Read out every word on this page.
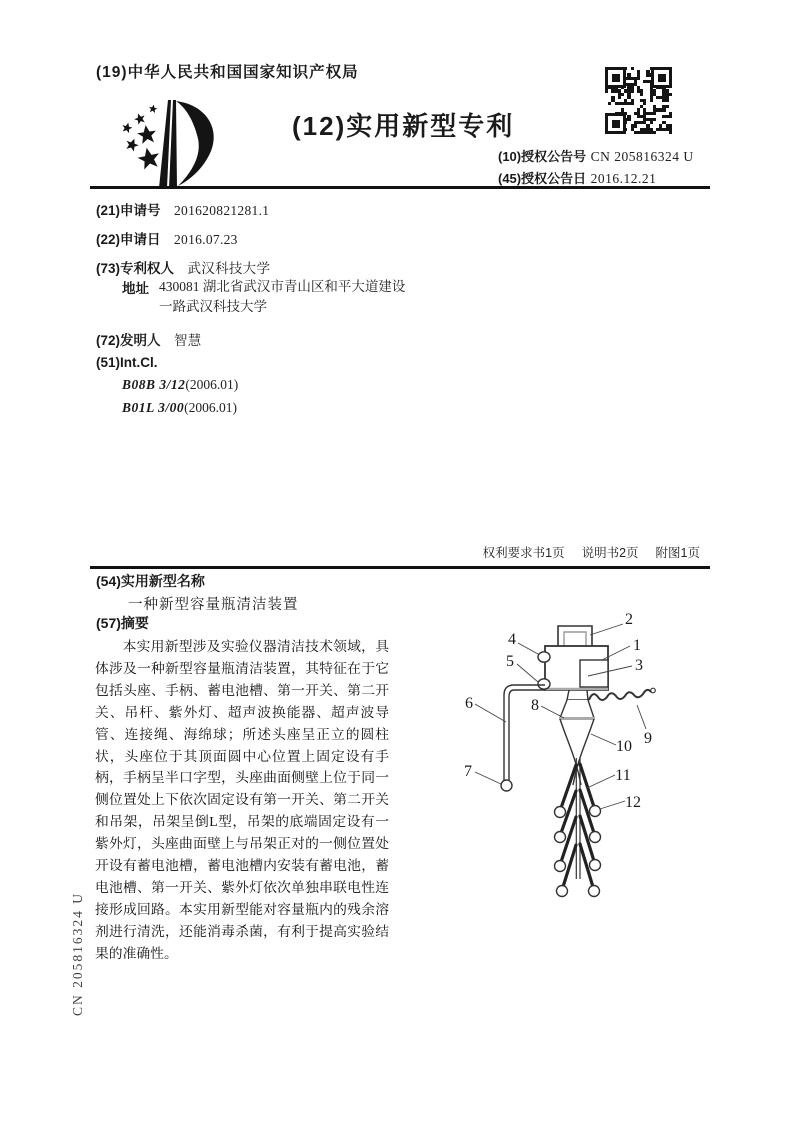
(19)中华人民共和国国家知识产权局
(12)实用新型专利
(10)授权公告号 CN 205816324 U
(45)授权公告日 2016.12.21
(21)申请号 201620821281.1
(22)申请日 2016.07.23
(73)专利权人 武汉科技大学
地址 430081 湖北省武汉市青山区和平大道建设一路武汉科技大学
(72)发明人 智慧
(51)Int.Cl.
B08B 3/12(2006.01)
B01L 3/00(2006.01)
权利要求书1页 说明书2页 附图1页
(54)实用新型名称
一种新型容量瓶清洁装置
(57)摘要
本实用新型涉及实验仪器清洁技术领域，具体涉及一种新型容量瓶清洁装置，其特征在于它包括头座、手柄、蓄电池槽、第一开关、第二开关、吊杆、紫外灯、超声波换能器、超声波导管、连接绳、海绵球；所述头座呈正立的圆柱状，头座位于其顶面圆中心位置上固定设有手柄，手柄呈半口字型，头座曲面侧壁上位于同一侧位置处上下依次固定设有第一开关、第二开关和吊架，吊架呈倒L型，吊架的底端固定设有一紫外灯，头座曲面壁上与吊架正对的一侧位置处开设有蓄电池槽，蓄电池槽内安装有蓄电池，蓄电池槽、第一开关、紫外灯依次单独串联电性连接形成回路。本实用新型能对容量瓶内的残余溶剂进行清洗，还能消毒杀菌，有利于提高实验结果的准确性。
1
2
3
4
5
6
7
8
9
10
11
12
CN 205816324 U
